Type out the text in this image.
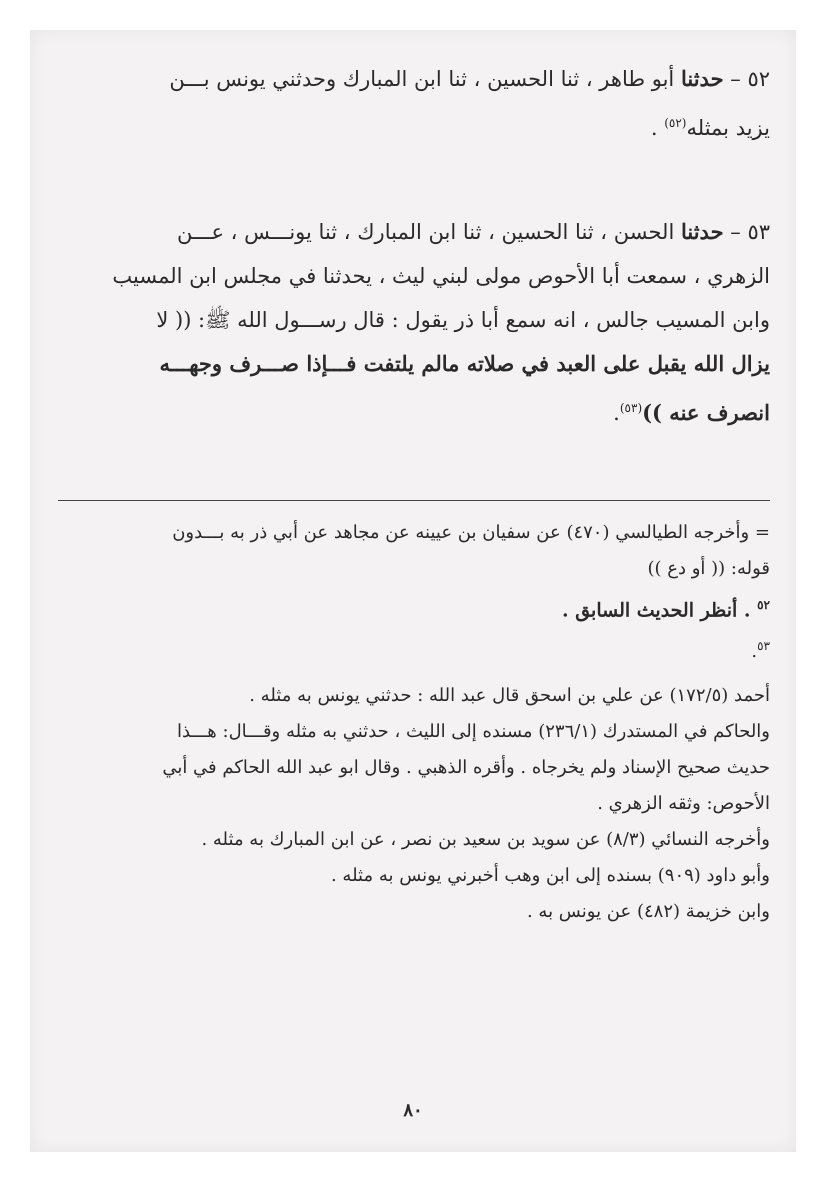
٥٢ – حدثنا أبو طاهر ، ثنا الحسين ، ثنا ابن المبارك وحدثني يونس بـــن
يزيد بمثله$^{(٥٢)}$ .
٥٣ – حدثنا الحسن ، ثنا الحسين ، ثنا ابن المبارك ، ثنا يونـــس ، عـــن
الزهري ، سمعت أبا الأحوص مولى لبني ليث ، يحدثنا في مجلس ابن المسيب
وابن المسيب جالس ، انه سمع أبا ذر يقول : قال رســـول الله ﷺ: (( لا
يزال الله يقبل على العبد في صلاته مالم يلتفت فـــإذا صـــرف وجهـــه
انصرف عنه ))$^{(٥٣)}$.
= وأخرجه الطيالسي (٤٧٠) عن سفيان بن عيينه عن مجاهد عن أبي ذر به بـــدون
قوله: (( أو دع ))
$^{٥٢}$ . أنظر الحديث السابق .
$^{٥٣}$.
أحمد (١٧٢/٥) عن علي بن اسحق قال عبد الله : حدثني يونس به مثله .
والحاكم في المستدرك (٢٣٦/١) مسنده إلى الليث ، حدثني به مثله وقـــال: هـــذا
حديث صحيح الإسناد ولم يخرجاه . وأقره الذهبي . وقال ابو عبد الله الحاكم في أبي
الأحوص: وثقه الزهري .
وأخرجه النسائي (٨/٣) عن سويد بن سعيد بن نصر ، عن ابن المبارك به مثله .
وأبو داود (٩٠٩) بسنده إلى ابن وهب أخبرني يونس به مثله .
وابن خزيمة (٤٨٢) عن يونس به .
٨٠
